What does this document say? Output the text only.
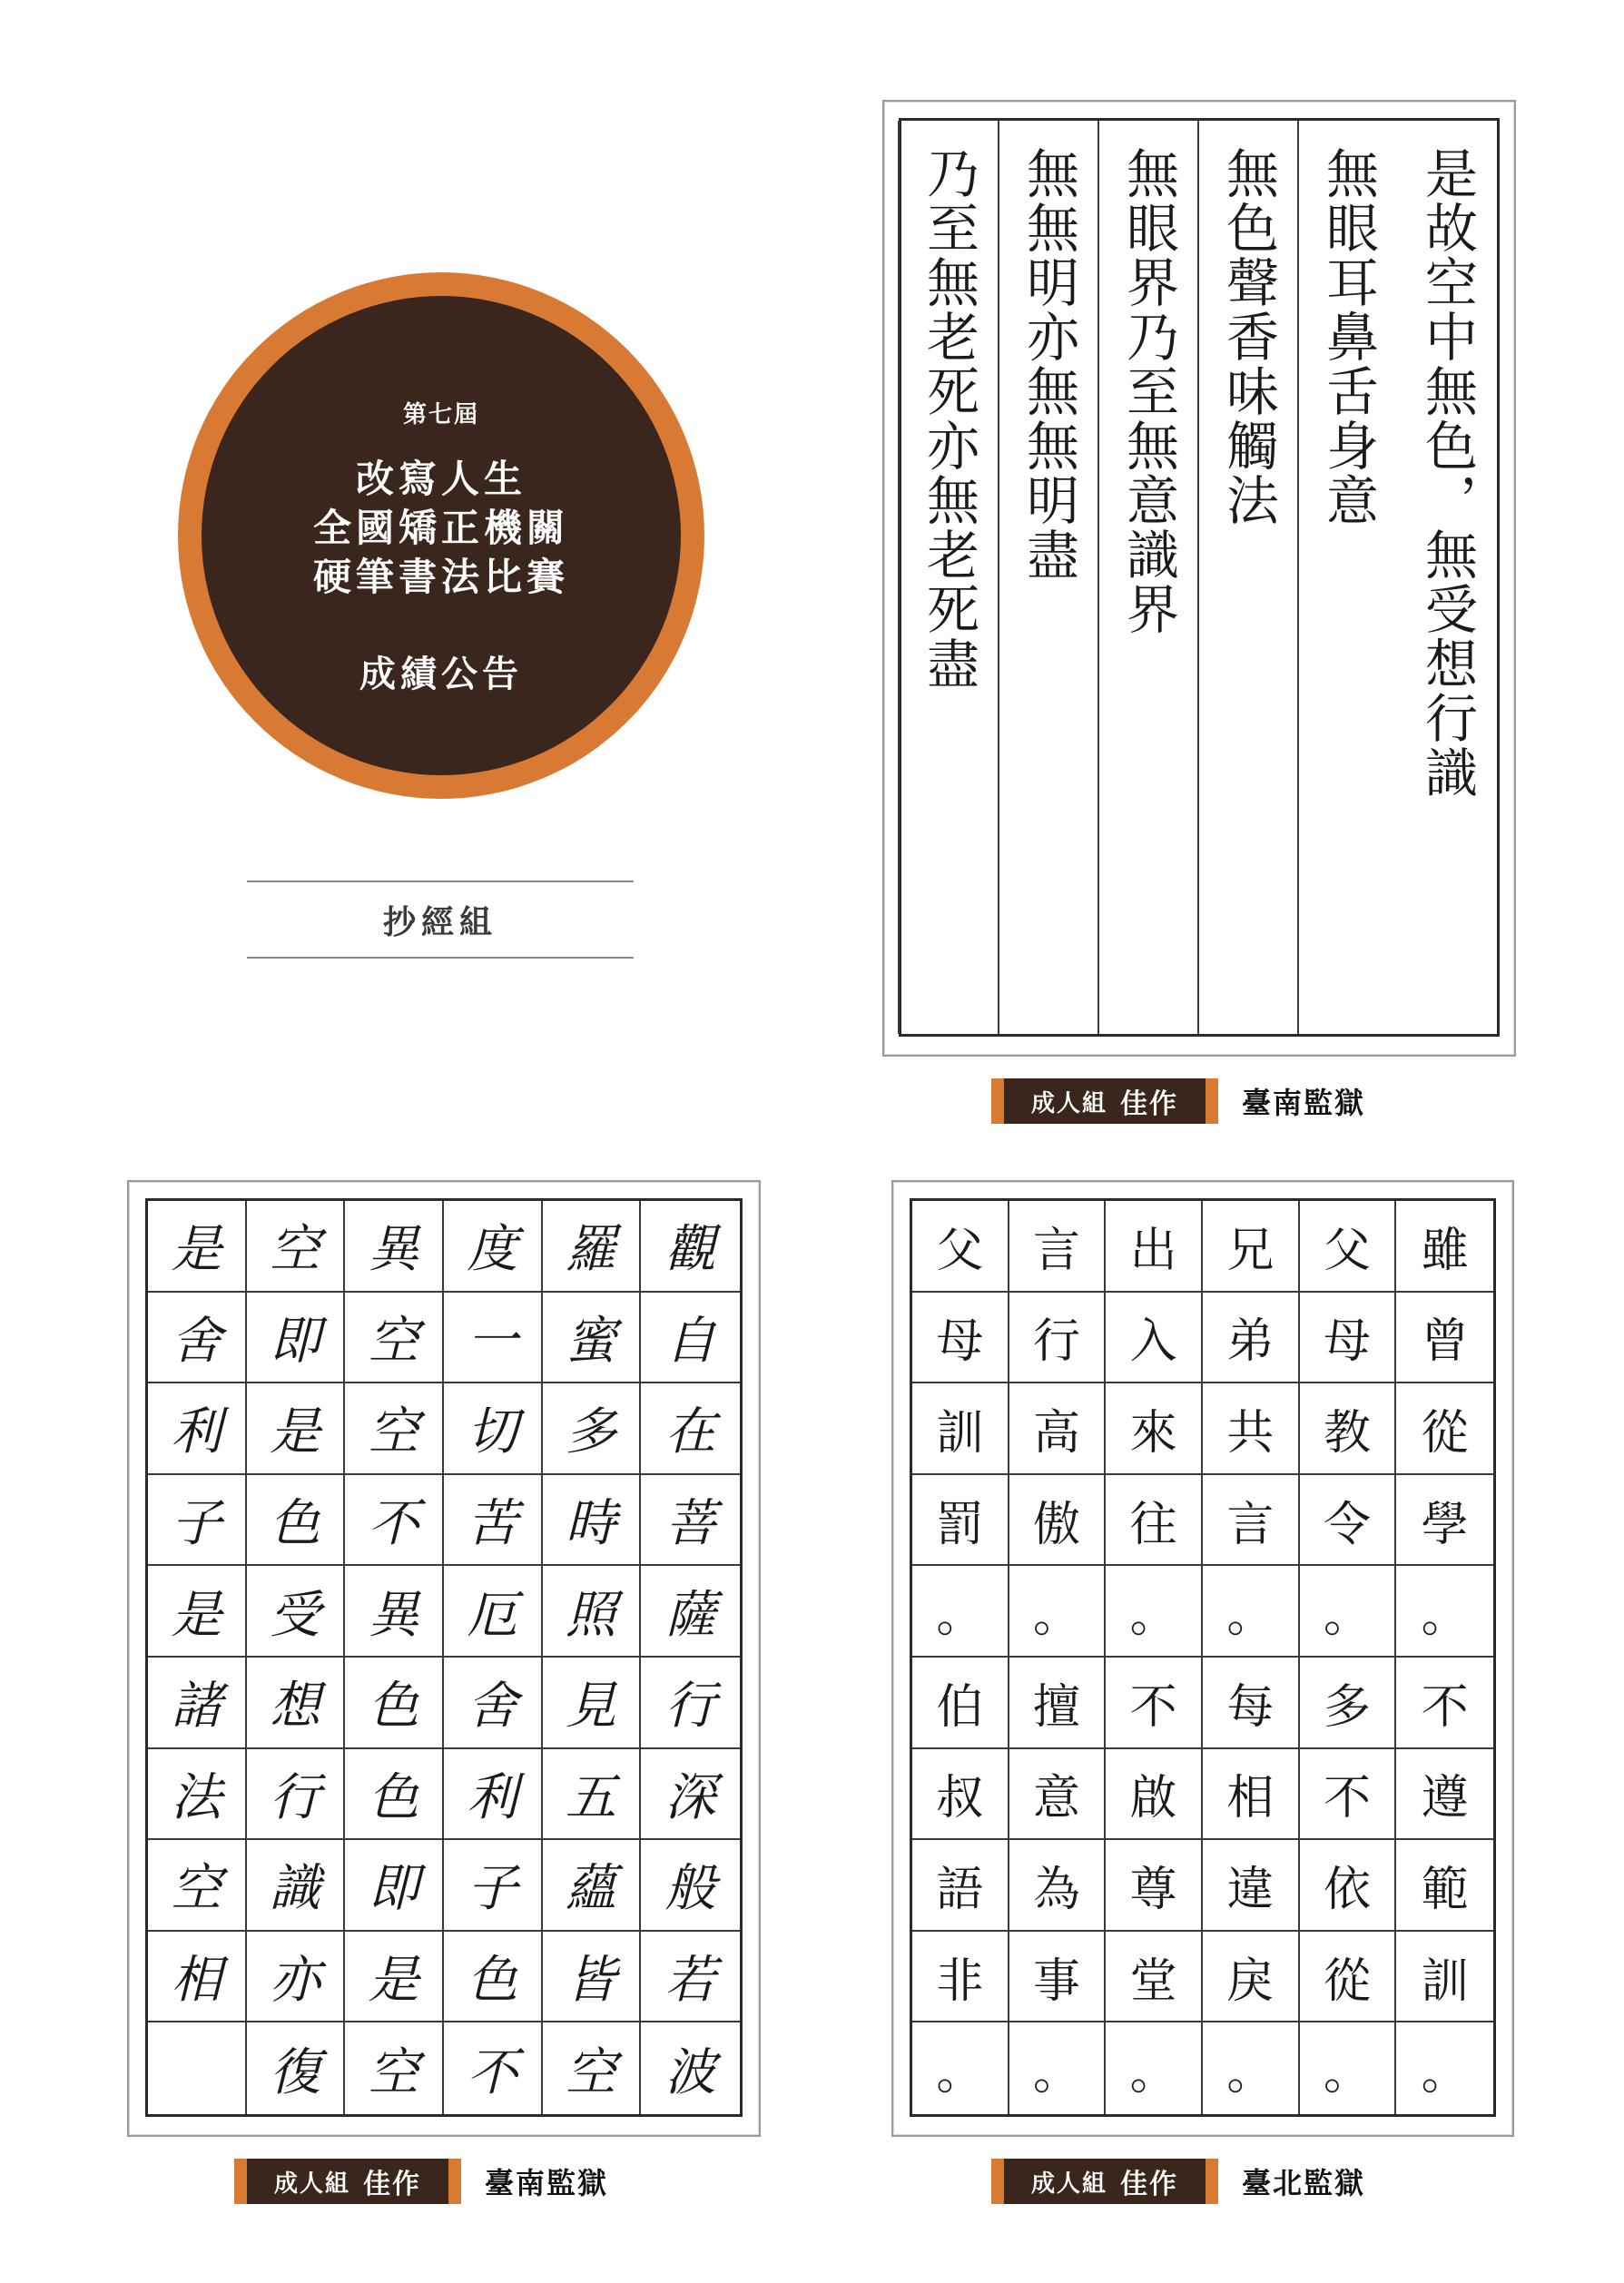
第七屆
改寫人生
全國矯正機關
硬筆書法比賽
成績公告
抄經組
是故空中無色，無受想行識
無眼耳鼻舌身意
無色聲香味觸法
無眼界乃至無意識界
無無明亦無無明盡
乃至無老死亦無老死盡
成人組 佳作 臺南監獄
是 空 異 度 羅 觀
舍 即 空 一 蜜 自
利 是 空 切 多 在
子 色 不 苦 時 菩
是 受 異 厄 照 薩
諸 想 色 舍 見 行
法 行 色 利 五 深
空 識 即 子 蘊 般
相 亦 是 色 皆 若
復 空 不 空 波
成人組 佳作 臺南監獄
父 言 出 兄 父 雖
母 行 入 弟 母 曾
訓 高 來 共 教 從
罰 傲 往 言 令 學
。 。 。 。 。 。
伯 擅 不 每 多 不
叔 意 啟 相 不 遵
語 為 尊 違 依 範
非 事 堂 戾 從 訓
。 。 。 。 。 。
成人組 佳作 臺北監獄
